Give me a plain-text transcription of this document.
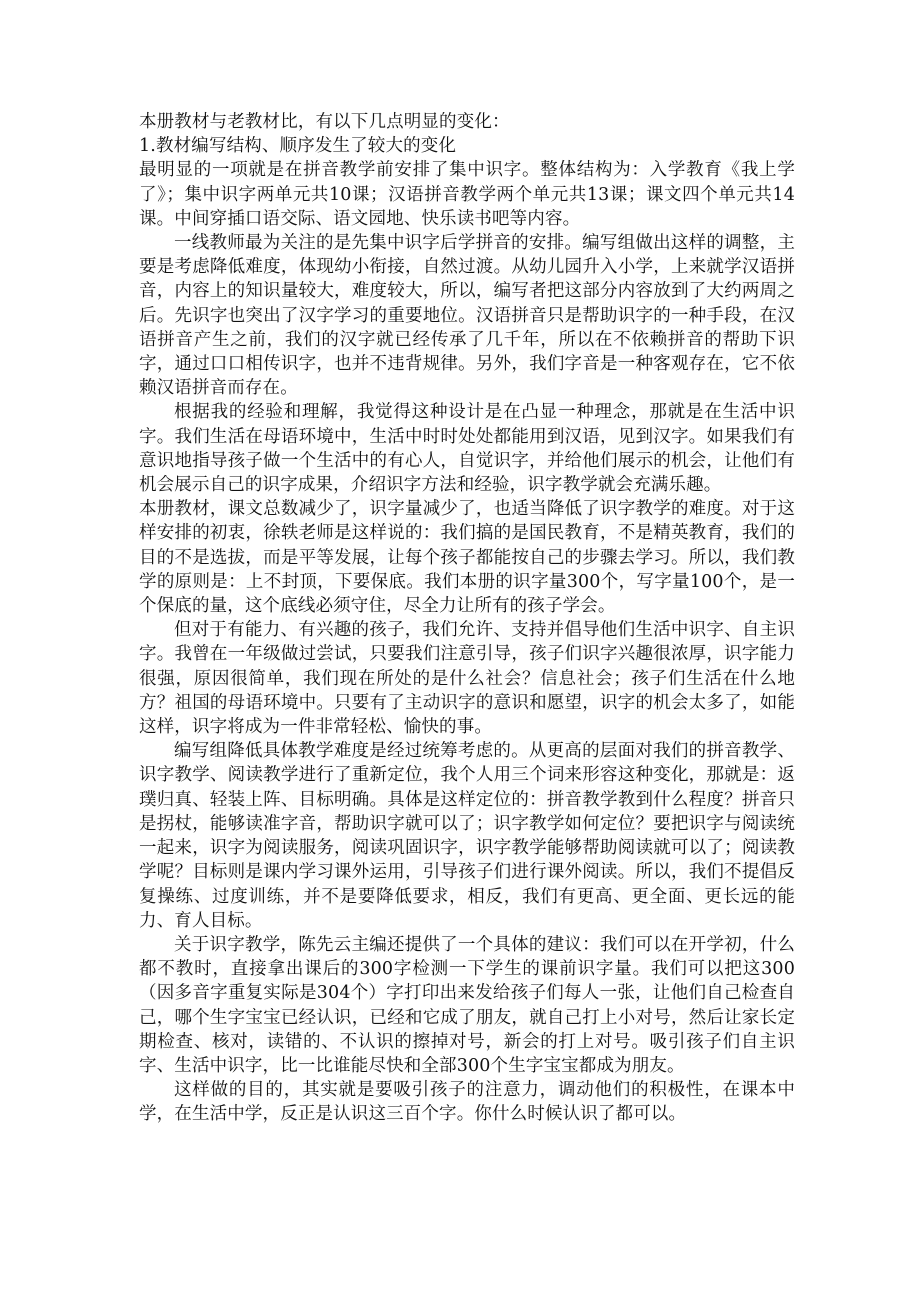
本册教材与老教材比，有以下几点明显的变化：

1.教材编写结构、顺序发生了较大的变化

最明显的一项就是在拼音教学前安排了集中识字。整体结构为：入学教育《我上学了》；集中识字两单元共10课；汉语拼音教学两个单元共13课；课文四个单元共14课。中间穿插口语交际、语文园地、快乐读书吧等内容。

一线教师最为关注的是先集中识字后学拼音的安排。编写组做出这样的调整，主要是考虑降低难度，体现幼小衔接，自然过渡。从幼儿园升入小学，上来就学汉语拼音，内容上的知识量较大，难度较大，所以，编写者把这部分内容放到了大约两周之后。先识字也突出了汉字学习的重要地位。汉语拼音只是帮助识字的一种手段，在汉语拼音产生之前，我们的汉字就已经传承了几千年，所以在不依赖拼音的帮助下识字，通过口口相传识字，也并不违背规律。另外，我们字音是一种客观存在，它不依赖汉语拼音而存在。

根据我的经验和理解，我觉得这种设计是在凸显一种理念，那就是在生活中识字。我们生活在母语环境中，生活中时时处处都能用到汉语，见到汉字。如果我们有意识地指导孩子做一个生活中的有心人，自觉识字，并给他们展示的机会，让他们有机会展示自己的识字成果，介绍识字方法和经验，识字教学就会充满乐趣。

本册教材，课文总数减少了，识字量减少了，也适当降低了识字教学的难度。对于这样安排的初衷，徐轶老师是这样说的：我们搞的是国民教育，不是精英教育，我们的目的不是选拔，而是平等发展，让每个孩子都能按自己的步骤去学习。所以，我们教学的原则是：上不封顶，下要保底。我们本册的识字量300个，写字量100个，是一个保底的量，这个底线必须守住，尽全力让所有的孩子学会。

但对于有能力、有兴趣的孩子，我们允许、支持并倡导他们生活中识字、自主识字。我曾在一年级做过尝试，只要我们注意引导，孩子们识字兴趣很浓厚，识字能力很强，原因很简单，我们现在所处的是什么社会？信息社会；孩子们生活在什么地方？祖国的母语环境中。只要有了主动识字的意识和愿望，识字的机会太多了，如能这样，识字将成为一件非常轻松、愉快的事。

编写组降低具体教学难度是经过统筹考虑的。从更高的层面对我们的拼音教学、识字教学、阅读教学进行了重新定位，我个人用三个词来形容这种变化，那就是：返璞归真、轻装上阵、目标明确。具体是这样定位的：拼音教学教到什么程度？拼音只是拐杖，能够读准字音，帮助识字就可以了；识字教学如何定位？要把识字与阅读统一起来，识字为阅读服务，阅读巩固识字，识字教学能够帮助阅读就可以了；阅读教学呢？目标则是课内学习课外运用，引导孩子们进行课外阅读。所以，我们不提倡反复操练、过度训练，并不是要降低要求，相反，我们有更高、更全面、更长远的能力、育人目标。

关于识字教学，陈先云主编还提供了一个具体的建议：我们可以在开学初，什么都不教时，直接拿出课后的300字检测一下学生的课前识字量。我们可以把这300（因多音字重复实际是304个）字打印出来发给孩子们每人一张，让他们自己检查自己，哪个生字宝宝已经认识，已经和它成了朋友，就自己打上小对号，然后让家长定期检查、核对，读错的、不认识的擦掉对号，新会的打上对号。吸引孩子们自主识字、生活中识字，比一比谁能尽快和全部300个生字宝宝都成为朋友。

这样做的目的，其实就是要吸引孩子的注意力，调动他们的积极性，在课本中学，在生活中学，反正是认识这三百个字。你什么时候认识了都可以。
